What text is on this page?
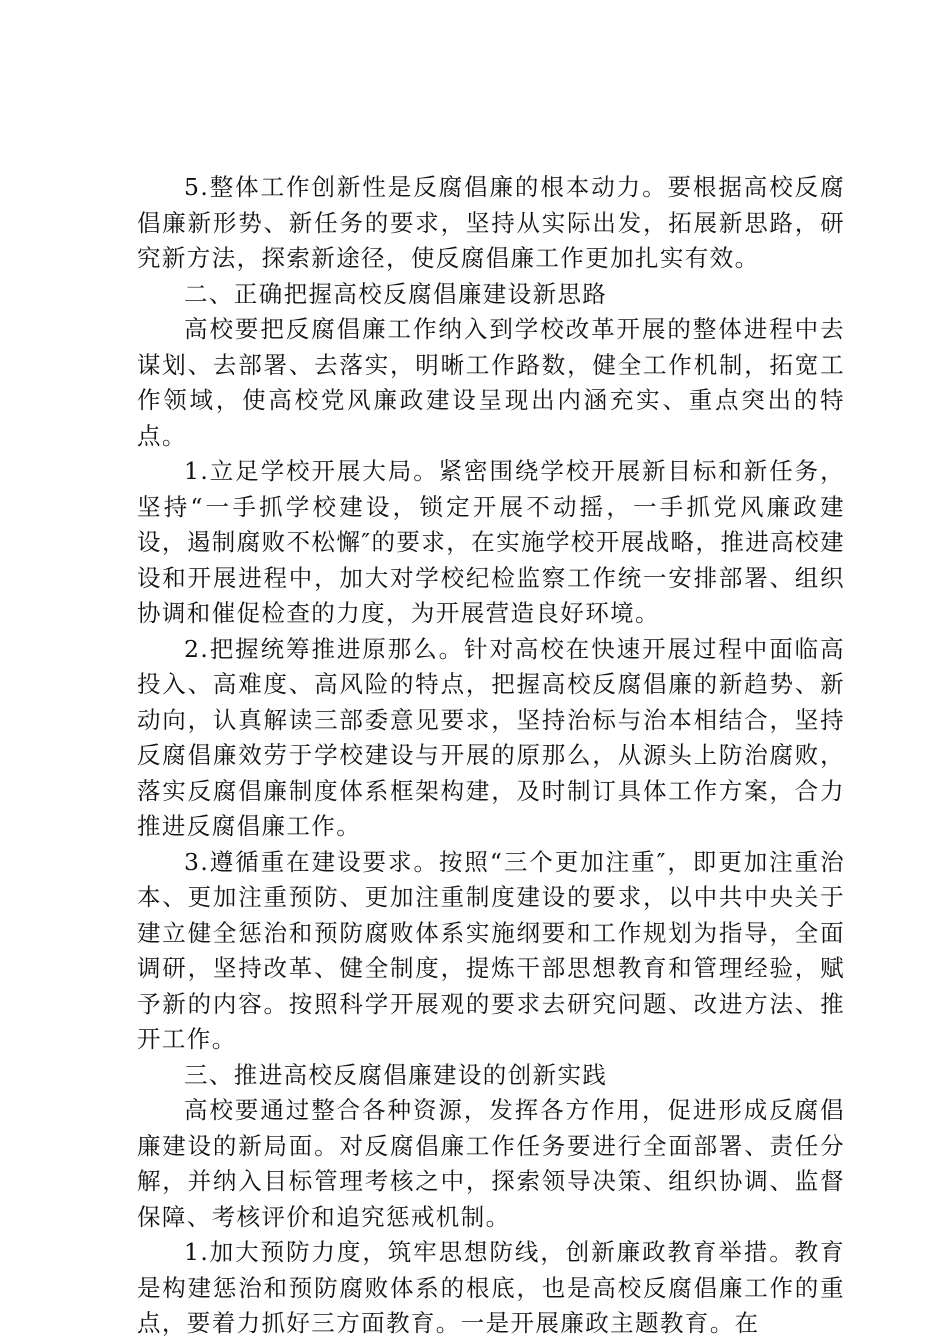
5.整体工作创新性是反腐倡廉的根本动力。要根据高校反腐倡廉新形势、新任务的要求，坚持从实际出发，拓展新思路，研究新方法，探索新途径，使反腐倡廉工作更加扎实有效。

二、正确把握高校反腐倡廉建设新思路

高校要把反腐倡廉工作纳入到学校改革开展的整体进程中去谋划、去部署、去落实，明晰工作路数，健全工作机制，拓宽工作领域，使高校党风廉政建设呈现出内涵充实、重点突出的特点。

1.立足学校开展大局。紧密围绕学校开展新目标和新任务，坚持“一手抓学校建设，锁定开展不动摇，一手抓党风廉政建设，遏制腐败不松懈″的要求，在实施学校开展战略，推进高校建设和开展进程中，加大对学校纪检监察工作统一安排部署、组织协调和催促检查的力度，为开展营造良好环境。

2.把握统筹推进原那么。针对高校在快速开展过程中面临高投入、高难度、高风险的特点，把握高校反腐倡廉的新趋势、新动向，认真解读三部委意见要求，坚持治标与治本相结合，坚持反腐倡廉效劳于学校建设与开展的原那么，从源头上防治腐败，落实反腐倡廉制度体系框架构建，及时制订具体工作方案，合力推进反腐倡廉工作。

3.遵循重在建设要求。按照“三个更加注重″，即更加注重治本、更加注重预防、更加注重制度建设的要求，以中共中央关于建立健全惩治和预防腐败体系实施纲要和工作规划为指导，全面调研，坚持改革、健全制度，提炼干部思想教育和管理经验，赋予新的内容。按照科学开展观的要求去研究问题、改进方法、推开工作。

三、推进高校反腐倡廉建设的创新实践

高校要通过整合各种资源，发挥各方作用，促进形成反腐倡廉建设的新局面。对反腐倡廉工作任务要进行全面部署、责任分解，并纳入目标管理考核之中，探索领导决策、组织协调、监督保障、考核评价和追究惩戒机制。

1.加大预防力度，筑牢思想防线，创新廉政教育举措。教育是构建惩治和预防腐败体系的根底，也是高校反腐倡廉工作的重点，要着力抓好三方面教育。一是开展廉政主题教育。在
